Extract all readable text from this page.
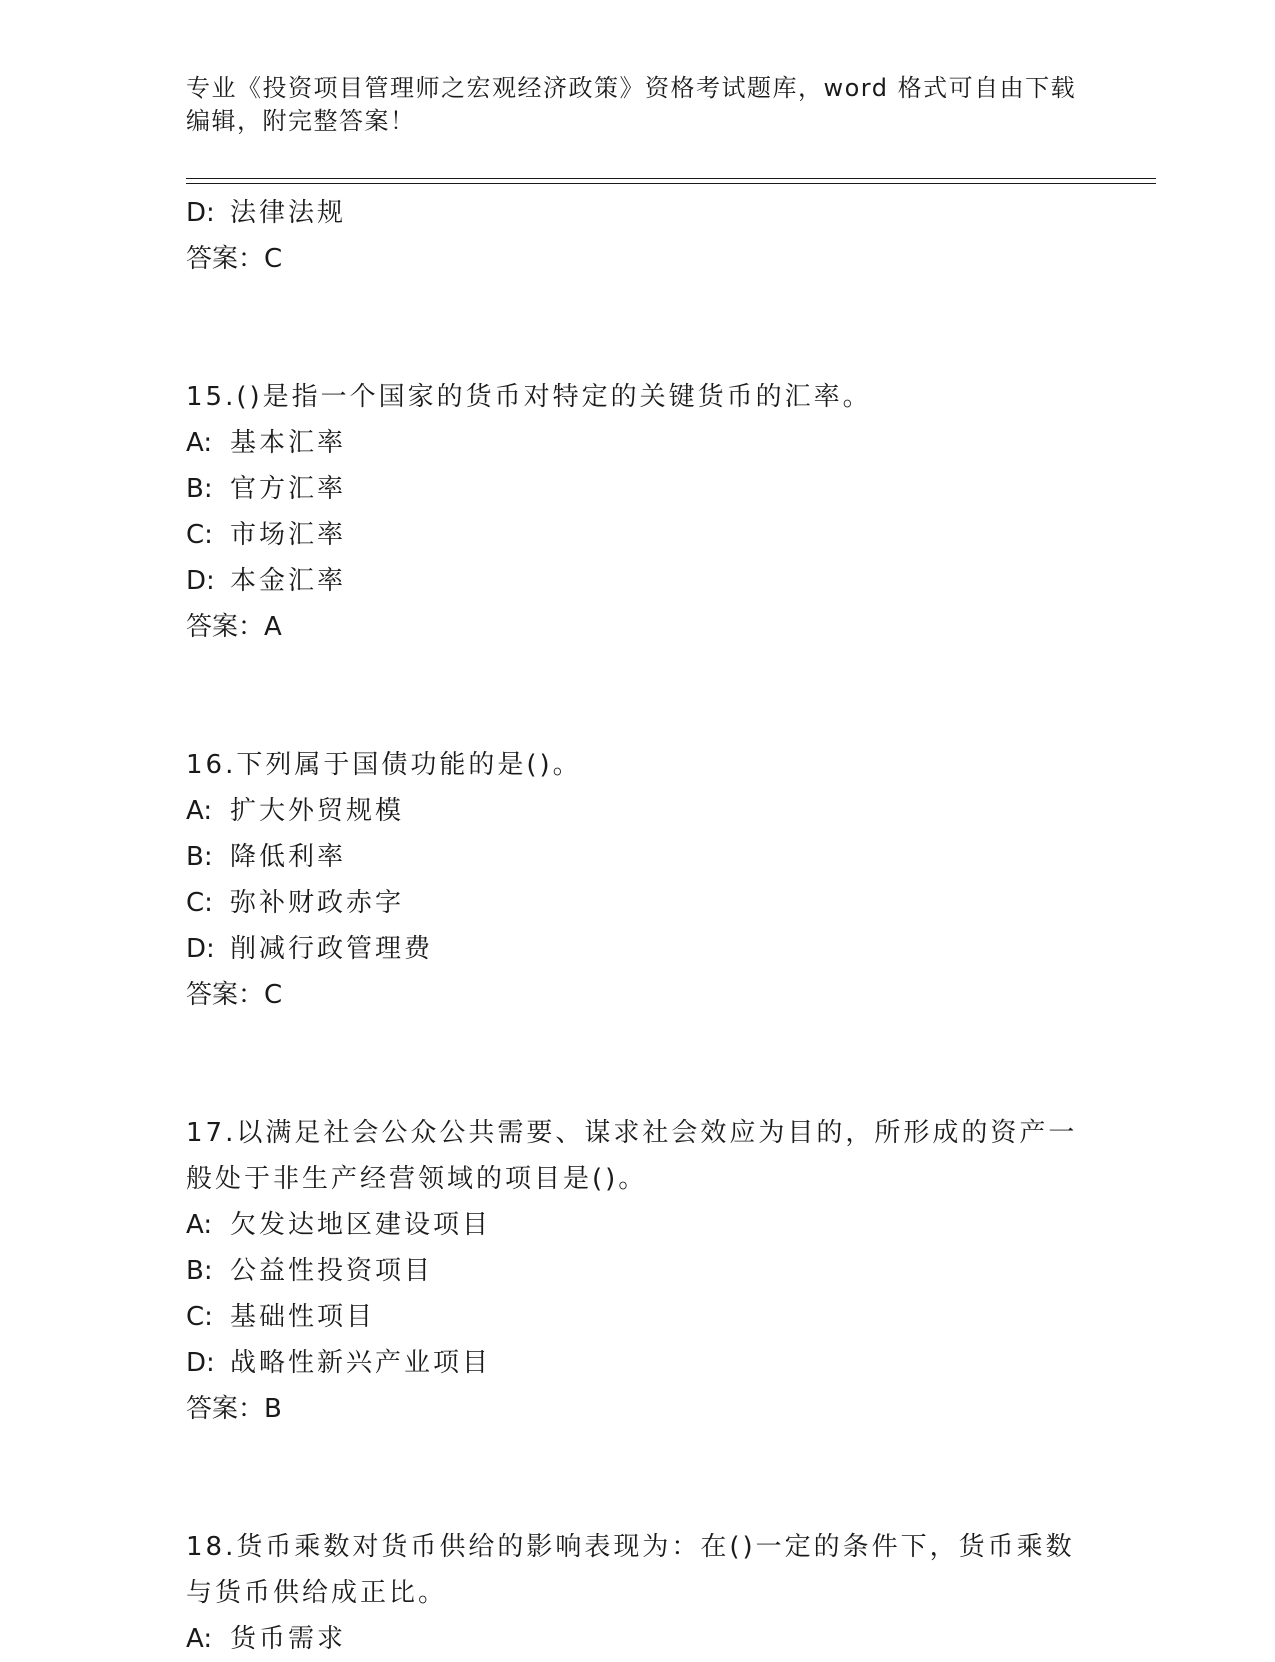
专业《投资项目管理师之宏观经济政策》资格考试题库，word 格式可自由下载编辑，附完整答案！

D: 法律法规

答案：C

15.()是指一个国家的货币对特定的关键货币的汇率。

A: 基本汇率

B: 官方汇率

C: 市场汇率

D: 本金汇率

答案：A

16.下列属于国债功能的是()。

A: 扩大外贸规模

B: 降低利率

C: 弥补财政赤字

D: 削减行政管理费

答案：C

17.以满足社会公众公共需要、谋求社会效应为目的，所形成的资产一

般处于非生产经营领域的项目是()。

A: 欠发达地区建设项目

B: 公益性投资项目

C: 基础性项目

D: 战略性新兴产业项目

答案：B

18.货币乘数对货币供给的影响表现为：在()一定的条件下，货币乘数

与货币供给成正比。

A: 货币需求
